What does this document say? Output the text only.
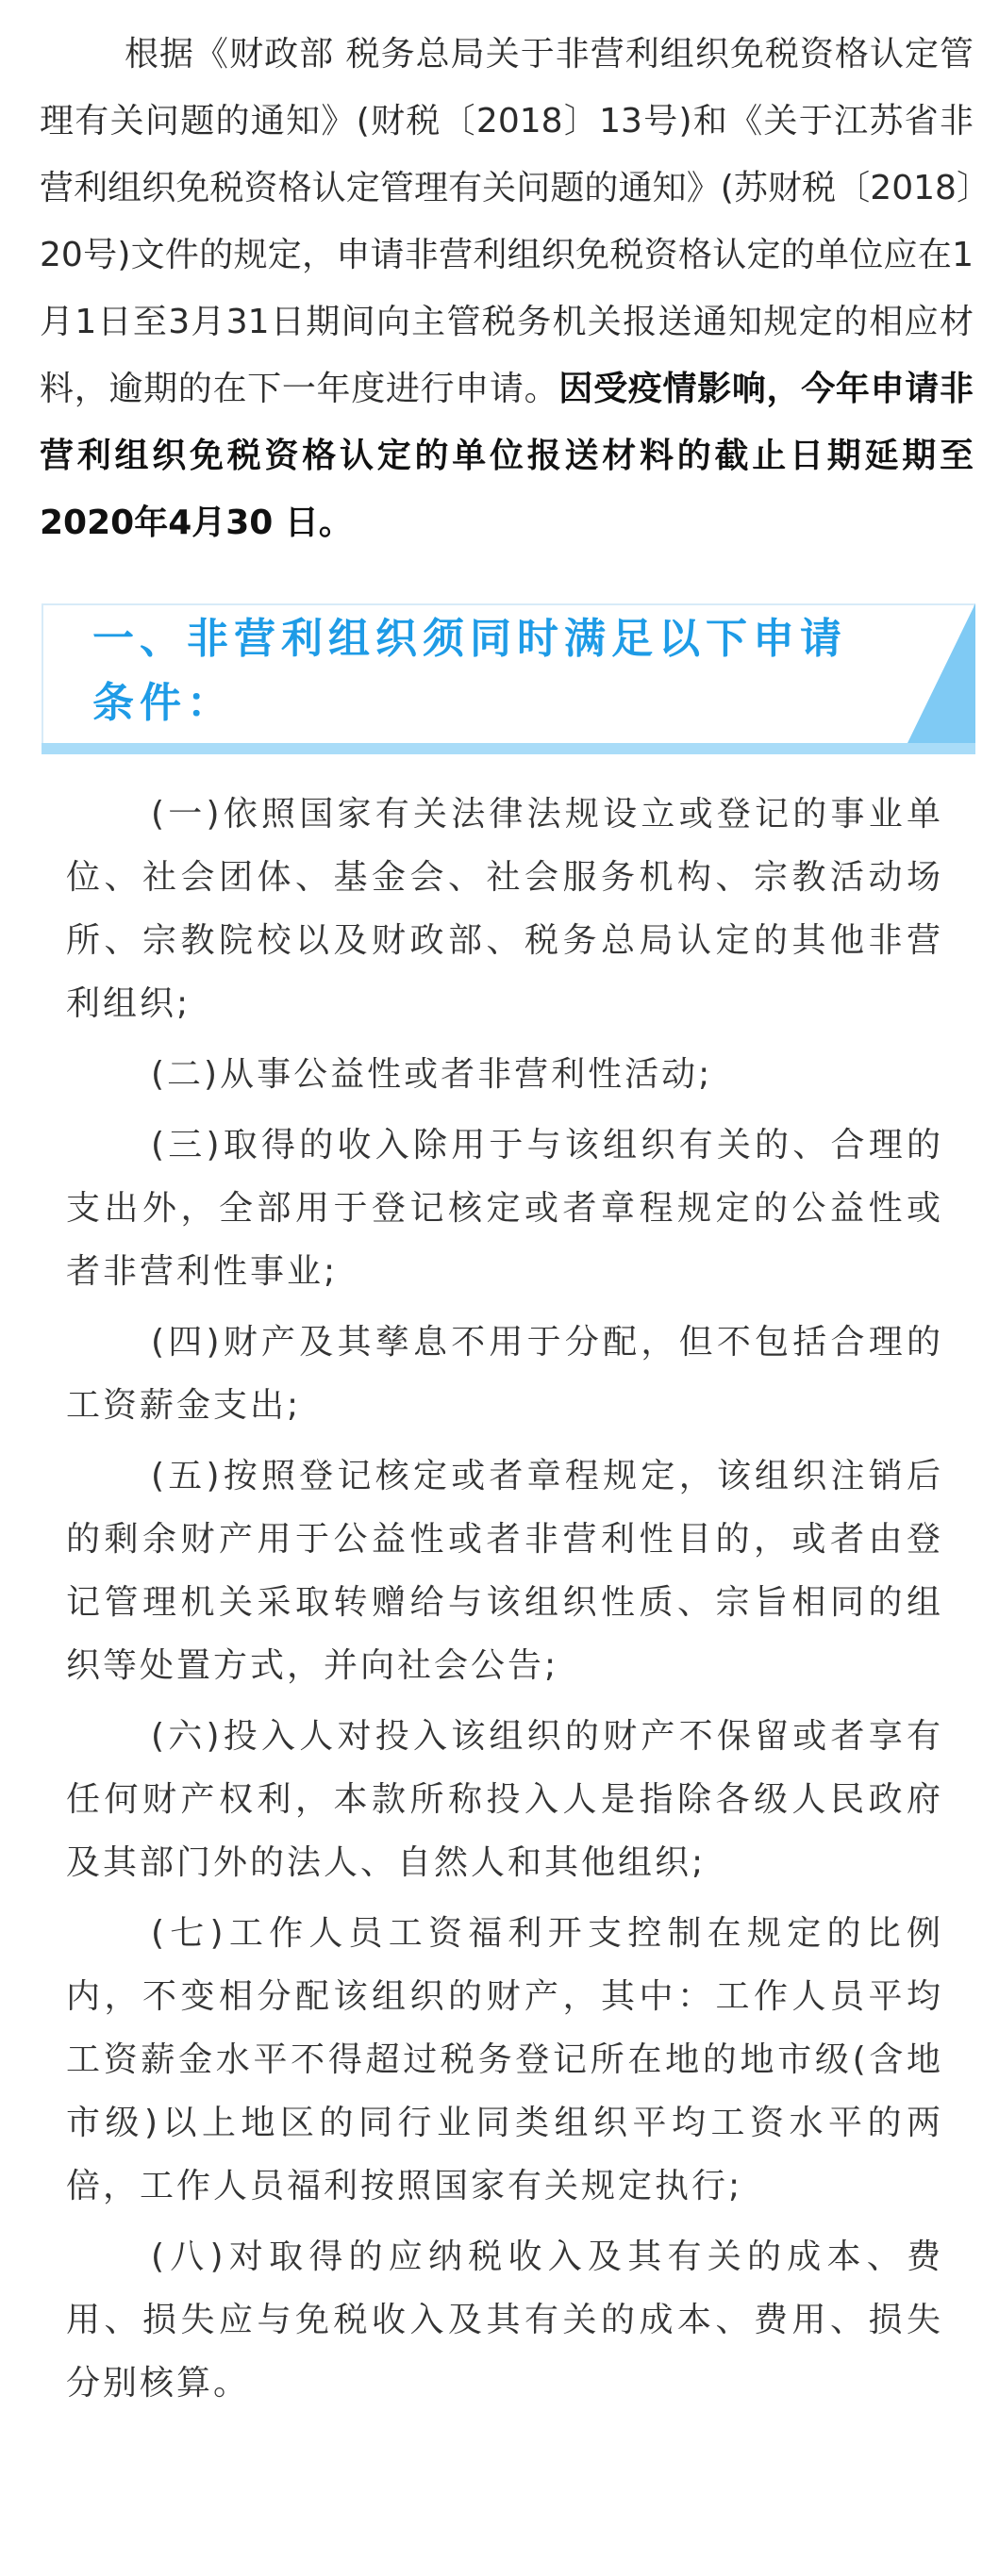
根据《财政部 税务总局关于非营利组织免税资格认定管理有关问题的通知》(财税〔2018〕13号)和《关于江苏省非营利组织免税资格认定管理有关问题的通知》(苏财税〔2018〕20号)文件的规定，申请非营利组织免税资格认定的单位应在1月1日至3月31日期间向主管税务机关报送通知规定的相应材料，逾期的在下一年度进行申请。因受疫情影响，今年申请非营利组织免税资格认定的单位报送材料的截止日期延期至2020年4月30 日。

一、非营利组织须同时满足以下申请条件：

(一)依照国家有关法律法规设立或登记的事业单位、社会团体、基金会、社会服务机构、宗教活动场所、宗教院校以及财政部、税务总局认定的其他非营利组织;

(二)从事公益性或者非营利性活动;

(三)取得的收入除用于与该组织有关的、合理的支出外，全部用于登记核定或者章程规定的公益性或者非营利性事业;

(四)财产及其孳息不用于分配，但不包括合理的工资薪金支出;

(五)按照登记核定或者章程规定，该组织注销后的剩余财产用于公益性或者非营利性目的，或者由登记管理机关采取转赠给与该组织性质、宗旨相同的组织等处置方式，并向社会公告;

(六)投入人对投入该组织的财产不保留或者享有任何财产权利，本款所称投入人是指除各级人民政府及其部门外的法人、自然人和其他组织;

(七)工作人员工资福利开支控制在规定的比例内，不变相分配该组织的财产，其中：工作人员平均工资薪金水平不得超过税务登记所在地的地市级(含地市级)以上地区的同行业同类组织平均工资水平的两倍，工作人员福利按照国家有关规定执行;

(八)对取得的应纳税收入及其有关的成本、费用、损失应与免税收入及其有关的成本、费用、损失分别核算。
